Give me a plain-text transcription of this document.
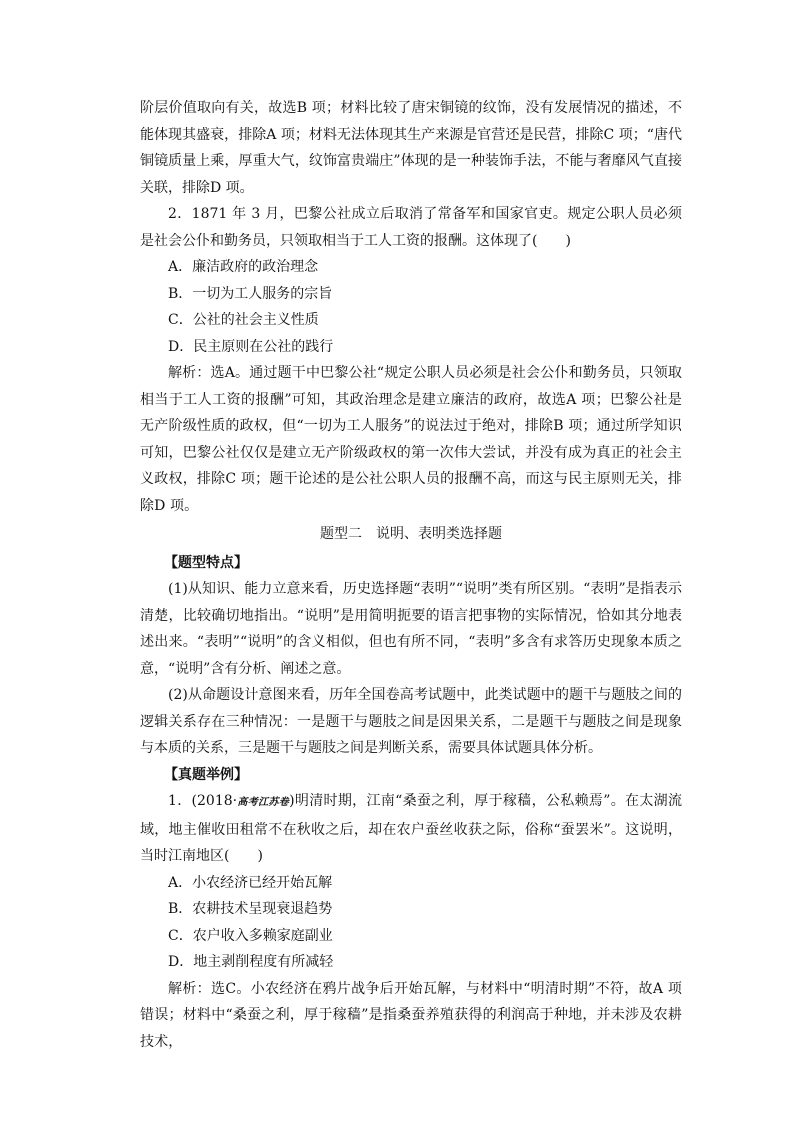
阶层价值取向有关，故选B 项；材料比较了唐宋铜镜的纹饰，没有发展情况的描述，不能体现其盛衰，排除A 项；材料无法体现其生产来源是官营还是民营，排除C 项；“唐代铜镜质量上乘，厚重大气，纹饰富贵端庄”体现的是一种装饰手法，不能与奢靡风气直接关联，排除D 项。

2．1871 年 3 月，巴黎公社成立后取消了常备军和国家官吏。规定公职人员必须是社会公仆和勤务员，只领取相当于工人工资的报酬。这体现了(　　)

A．廉洁政府的政治理念

B．一切为工人服务的宗旨

C．公社的社会主义性质

D．民主原则在公社的践行

解析：选A。通过题干中巴黎公社“规定公职人员必须是社会公仆和勤务员，只领取相当于工人工资的报酬”可知，其政治理念是建立廉洁的政府，故选A 项；巴黎公社是无产阶级性质的政权，但“一切为工人服务”的说法过于绝对，排除B 项；通过所学知识可知，巴黎公社仅仅是建立无产阶级政权的第一次伟大尝试，并没有成为真正的社会主义政权，排除C 项；题干论述的是公社公职人员的报酬不高，而这与民主原则无关，排除D 项。

题型二　说明、表明类选择题

【题型特点】

(1)从知识、能力立意来看，历史选择题“表明”“说明”类有所区别。“表明”是指表示清楚，比较确切地指出。“说明”是用简明扼要的语言把事物的实际情况，恰如其分地表述出来。“表明”“说明”的含义相似，但也有所不同，“表明”多含有求答历史现象本质之意，“说明”含有分析、阐述之意。

(2)从命题设计意图来看，历年全国卷高考试题中，此类试题中的题干与题肢之间的逻辑关系存在三种情况：一是题干与题肢之间是因果关系，二是题干与题肢之间是现象与本质的关系，三是题干与题肢之间是判断关系，需要具体试题具体分析。

【真题举例】

1．(2018·高考江苏卷)明清时期，江南“桑蚕之利，厚于稼穑，公私赖焉”。在太湖流域，地主催收田租常不在秋收之后，却在农户蚕丝收获之际，俗称“蚕罢米”。这说明，当时江南地区(　　)

A．小农经济已经开始瓦解

B．农耕技术呈现衰退趋势

C．农户收入多赖家庭副业

D．地主剥削程度有所减轻

解析：选C。小农经济在鸦片战争后开始瓦解，与材料中“明清时期”不符，故A 项错误；材料中“桑蚕之利，厚于稼穑”是指桑蚕养殖获得的利润高于种地，并未涉及农耕技术，
